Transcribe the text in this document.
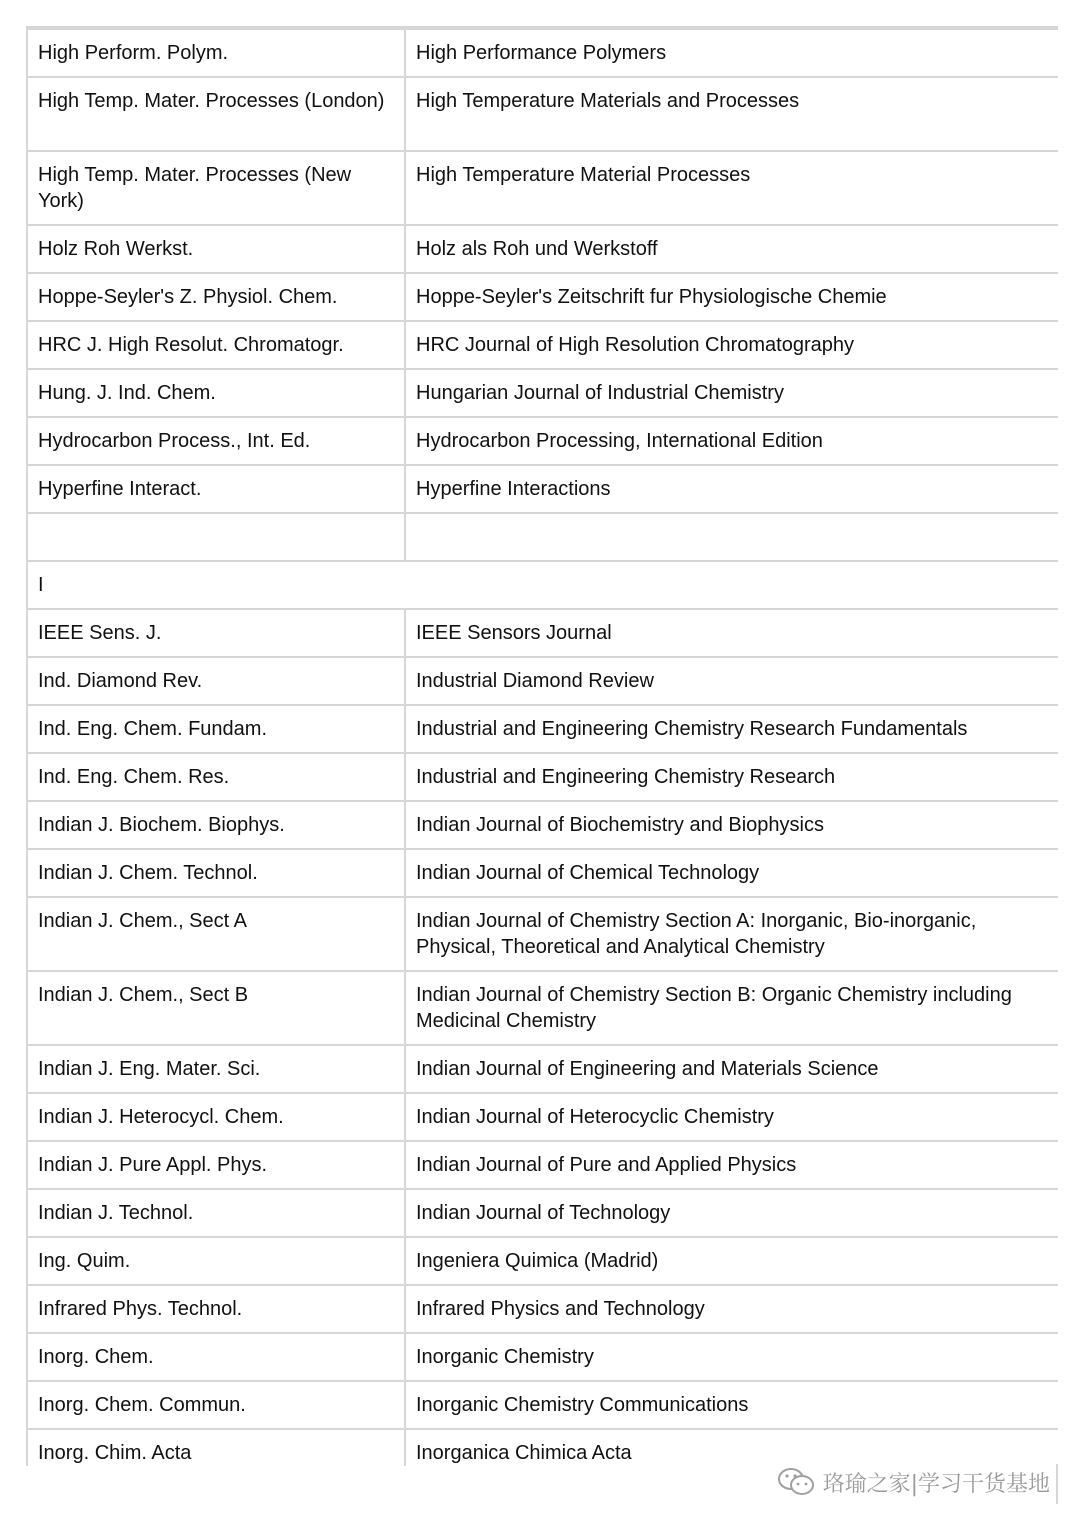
High Perform. Polym.	High Performance Polymers
High Temp. Mater. Processes (London)	High Temperature Materials and Processes
High Temp. Mater. Processes (New York)	High Temperature Material Processes
Holz Roh Werkst.	Holz als Roh und Werkstoff
Hoppe-Seyler's Z. Physiol. Chem.	Hoppe-Seyler's Zeitschrift fur Physiologische Chemie
HRC J. High Resolut. Chromatogr.	HRC Journal of High Resolution Chromatography
Hung. J. Ind. Chem.	Hungarian Journal of Industrial Chemistry
Hydrocarbon Process., Int. Ed.	Hydrocarbon Processing, International Edition
Hyperfine Interact.	Hyperfine Interactions

I	
IEEE Sens. J.	IEEE Sensors Journal
Ind. Diamond Rev.	Industrial Diamond Review
Ind. Eng. Chem. Fundam.	Industrial and Engineering Chemistry Research Fundamentals
Ind. Eng. Chem. Res.	Industrial and Engineering Chemistry Research
Indian J. Biochem. Biophys.	Indian Journal of Biochemistry and Biophysics
Indian J. Chem. Technol.	Indian Journal of Chemical Technology
Indian J. Chem., Sect A	Indian Journal of Chemistry Section A: Inorganic, Bio-inorganic, Physical, Theoretical and Analytical Chemistry
Indian J. Chem., Sect B	Indian Journal of Chemistry Section B: Organic Chemistry including Medicinal Chemistry
Indian J. Eng. Mater. Sci.	Indian Journal of Engineering and Materials Science
Indian J. Heterocycl. Chem.	Indian Journal of Heterocyclic Chemistry
Indian J. Pure Appl. Phys.	Indian Journal of Pure and Applied Physics
Indian J. Technol.	Indian Journal of Technology
Ing. Quim.	Ingeniera Quimica (Madrid)
Infrared Phys. Technol.	Infrared Physics and Technology
Inorg. Chem.	Inorganic Chemistry
Inorg. Chem. Commun.	Inorganic Chemistry Communications
Inorg. Chim. Acta	Inorganica Chimica Acta
珞瑜之家|学习干货基地
